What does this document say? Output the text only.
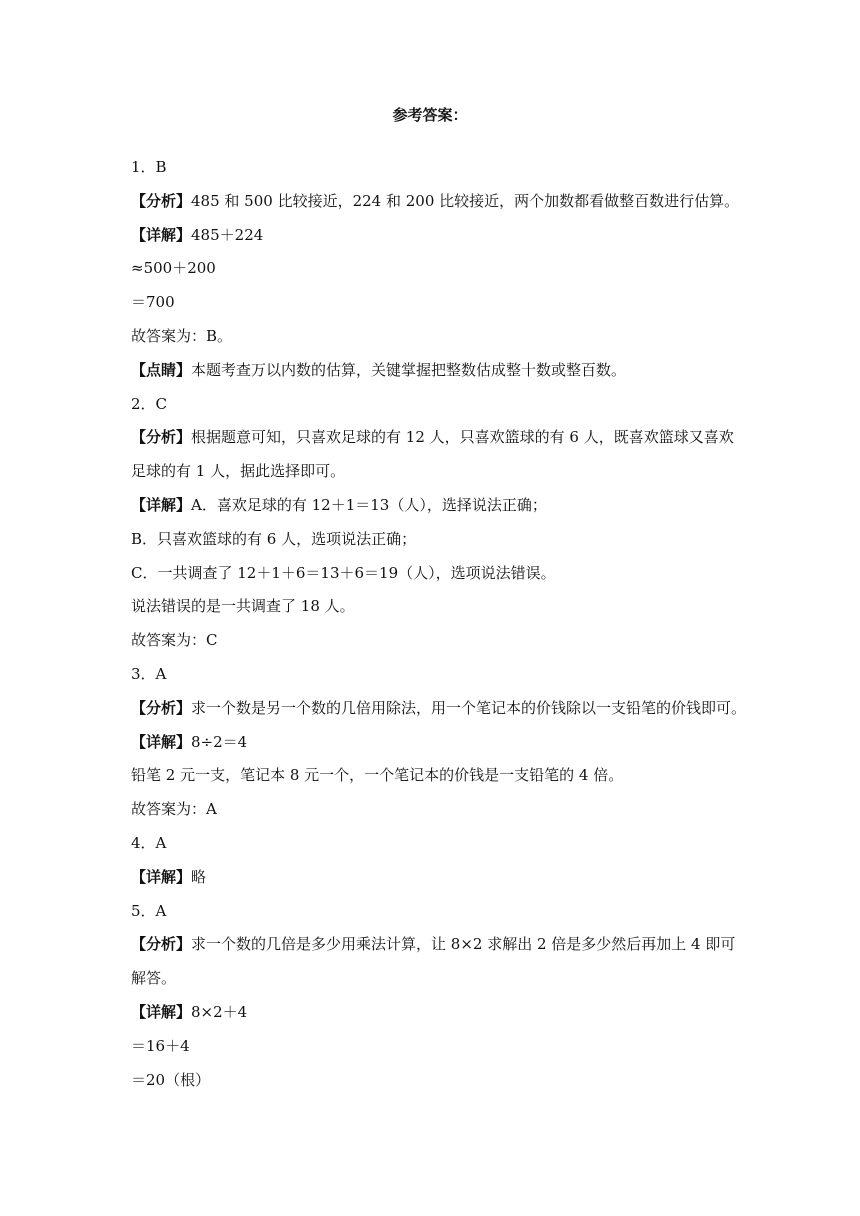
参考答案：
1．B
【分析】485 和 500 比较接近，224 和 200 比较接近，两个加数都看做整百数进行估算。
【详解】485＋224
≈500＋200
＝700
故答案为：B。
【点睛】本题考查万以内数的估算，关键掌握把整数估成整十数或整百数。
2．C
【分析】根据题意可知，只喜欢足球的有 12 人，只喜欢篮球的有 6 人，既喜欢篮球又喜欢
足球的有 1 人，据此选择即可。
【详解】A．喜欢足球的有 12＋1＝13（人），选择说法正确；
B．只喜欢篮球的有 6 人，选项说法正确；
C．一共调查了 12＋1＋6＝13＋6＝19（人），选项说法错误。
说法错误的是一共调查了 18 人。
故答案为：C
3．A
【分析】求一个数是另一个数的几倍用除法，用一个笔记本的价钱除以一支铅笔的价钱即可。
【详解】8÷2＝4
铅笔 2 元一支，笔记本 8 元一个，一个笔记本的价钱是一支铅笔的 4 倍。
故答案为：A
4．A
【详解】略
5．A
【分析】求一个数的几倍是多少用乘法计算，让 8×2 求解出 2 倍是多少然后再加上 4 即可
解答。
【详解】8×2＋4
＝16＋4
＝20（根）
